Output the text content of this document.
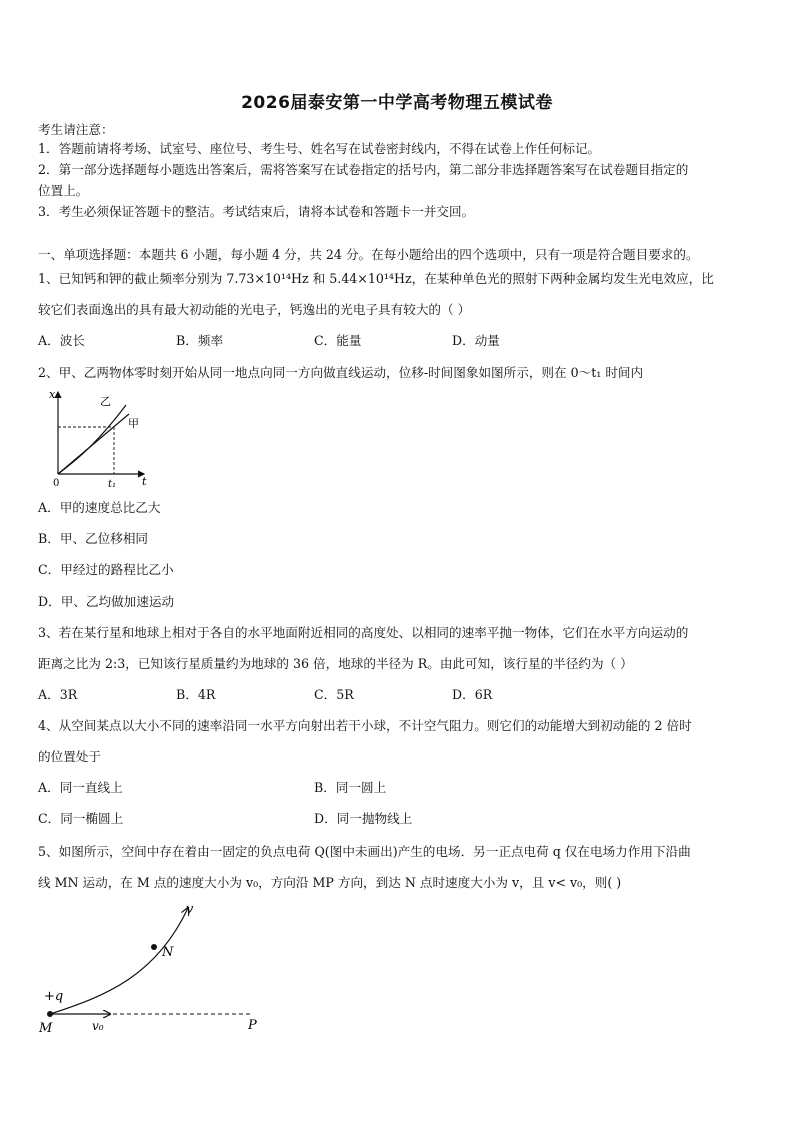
2026届泰安第一中学高考物理五模试卷
考生请注意：
1．答题前请将考场、试室号、座位号、考生号、姓名写在试卷密封线内，不得在试卷上作任何标记。
2．第一部分选择题每小题选出答案后，需将答案写在试卷指定的括号内，第二部分非选择题答案写在试卷题目指定的
位置上。
3．考生必须保证答题卡的整洁。考试结束后，请将本试卷和答题卡一并交回。
一、单项选择题：本题共 6 小题，每小题 4 分，共 24 分。在每小题给出的四个选项中，只有一项是符合题目要求的。
1、已知钙和钾的截止频率分别为 7.73×10¹⁴Hz 和 5.44×10¹⁴Hz，在某种单色光的照射下两种金属均发生光电效应，比
较它们表面逸出的具有最大初动能的光电子，钙逸出的光电子具有较大的（ ）
A．波长	B．频率	C．能量	D．动量
2、甲、乙两物体零时刻开始从同一地点向同一方向做直线运动，位移-时间图象如图所示，则在 0～t₁ 时间内
x
t
0	t₁
乙
甲
A．甲的速度总比乙大
B．甲、乙位移相同
C．甲经过的路程比乙小
D．甲、乙均做加速运动
3、若在某行星和地球上相对于各自的水平地面附近相同的高度处、以相同的速率平抛一物体，它们在水平方向运动的
距离之比为 2:3，已知该行星质量约为地球的 36 倍，地球的半径为 R。由此可知，该行星的半径约为（ ）
A．3R	B．4R	C．5R	D．6R
4、从空间某点以大小不同的速率沿同一水平方向射出若干小球，不计空气阻力。则它们的动能增大到初动能的 2 倍时
的位置处于
A．同一直线上	B．同一圆上
C．同一椭圆上	D．同一抛物线上
5、如图所示，空间中存在着由一固定的负点电荷 Q(图中未画出)产生的电场．另一正点电荷 q 仅在电场力作用下沿曲
线 MN 运动，在 M 点的速度大小为 v₀，方向沿 MP 方向，到达 N 点时速度大小为 v，且 v< v₀，则( )
+q
M
N
P
v₀
v
